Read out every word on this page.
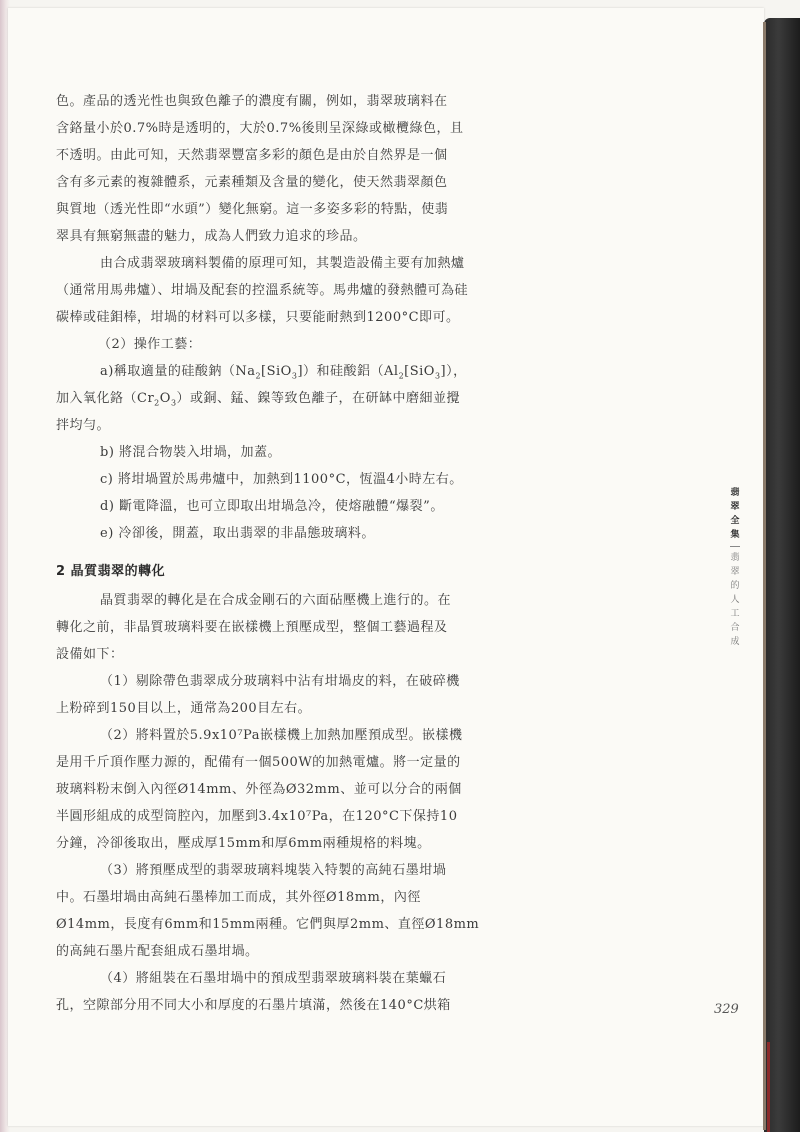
色。產品的透光性也與致色離子的濃度有關，例如，翡翠玻璃料在
含鉻量小於0.7%時是透明的，大於0.7%後則呈深綠或橄欖綠色，且
不透明。由此可知，天然翡翠豐富多彩的顏色是由於自然界是一個
含有多元素的複雜體系，元素種類及含量的變化，使天然翡翠顏色
與質地（透光性即“水頭”）變化無窮。這一多姿多彩的特點，使翡
翠具有無窮無盡的魅力，成為人們致力追求的珍品。
由合成翡翠玻璃料製備的原理可知，其製造設備主要有加熱爐
（通常用馬弗爐）、坩堝及配套的控溫系統等。馬弗爐的發熱體可為硅
碳棒或硅鉬棒，坩堝的材料可以多樣，只要能耐熱到1200°C即可。
（2）操作工藝：
a)稱取適量的硅酸鈉$(Na_2[SiO_3])$和硅酸鋁$(Al_2[SiO_3])$，
加入氧化鉻$(Cr_2O_3)$或銅、錳、鎳等致色離子，在研缽中磨細並攪
拌均勻。
b) 將混合物裝入坩堝，加蓋。
c) 將坩堝置於馬弗爐中，加熱到1100°C，恆溫4小時左右。
d) 斷電降溫，也可立即取出坩堝急冷，使熔融體“爆裂”。
e) 冷卻後，開蓋，取出翡翠的非晶態玻璃料。
2 晶質翡翠的轉化
晶質翡翠的轉化是在合成金剛石的六面砧壓機上進行的。在
轉化之前，非晶質玻璃料要在嵌樣機上預壓成型，整個工藝過程及
設備如下：
（1）剔除帶色翡翠成分玻璃料中沾有坩堝皮的料，在破碎機
上粉碎到150目以上，通常為200目左右。
（2）將料置於5.9x10⁷Pa嵌樣機上加熱加壓預成型。嵌樣機
是用千斤頂作壓力源的，配備有一個500W的加熱電爐。將一定量的
玻璃料粉末倒入內徑Ø14mm、外徑為Ø32mm、並可以分合的兩個
半圓形組成的成型筒腔內，加壓到3.4x10⁷Pa，在120°C下保持10
分鐘，冷卻後取出，壓成厚15mm和厚6mm兩種規格的料塊。
（3）將預壓成型的翡翠玻璃料塊裝入特製的高純石墨坩堝
中。石墨坩堝由高純石墨棒加工而成，其外徑Ø18mm，內徑
Ø14mm，長度有6mm和15mm兩種。它們與厚2mm、直徑Ø18mm
的高純石墨片配套組成石墨坩堝。
（4）將組裝在石墨坩堝中的預成型翡翠玻璃料裝在葉蠟石
孔，空隙部分用不同大小和厚度的石墨片填滿，然後在140°C烘箱
翡
翠
全
集
翡
翠
的
人
工
合
成
329
